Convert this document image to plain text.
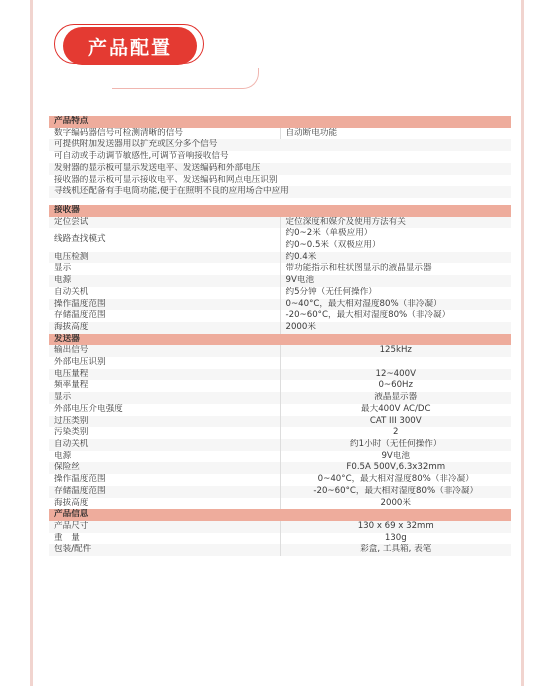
产品配置
产品特点
数字编码器信号可检测清晰的信号	自动断电功能
可提供附加发送器用以扩充或区分多个信号
可自动或手动调节敏感性,可调节音响接收信号
发射器的显示板可显示发送电平、发送编码和外部电压
接收器的显示板可显示接收电平、发送编码和网点电压识别
寻线机还配备有手电筒功能,便于在照明不良的应用场合中应用
接收器	
定位尝试	定位深度和媒介及使用方法有关
线路查找模式	约0~2米（单极应用）
	约0~0.5米（双极应用）
电压检测	约0.4米
显示	带功能指示和柱状图显示的液晶显示器
电源	9V电池
自动关机	约5分钟（无任何操作）
操作温度范围	0~40°C，最大相对湿度80%（非冷凝）
存储温度范围	-20~60°C，最大相对湿度80%（非冷凝）
海拔高度	2000米
发送器	
输出信号	125kHz
外部电压识别	
电压量程	12~400V
频率量程	0~60Hz
显示	液晶显示器
外部电压介电强度	最大400V AC/DC
过压类别	CAT III 300V
污染类别	2
自动关机	约1小时（无任何操作）
电源	9V电池
保险丝	F0.5A 500V,6.3x32mm
操作温度范围	0~40°C，最大相对湿度80%（非冷凝）
存储温度范围	-20~60°C，最大相对湿度80%（非冷凝）
海拔高度	2000米
产品信息	
产品尺寸	130 x 69 x 32mm
重　量	130g
包装/配件	彩盒, 工具箱, 表笔
